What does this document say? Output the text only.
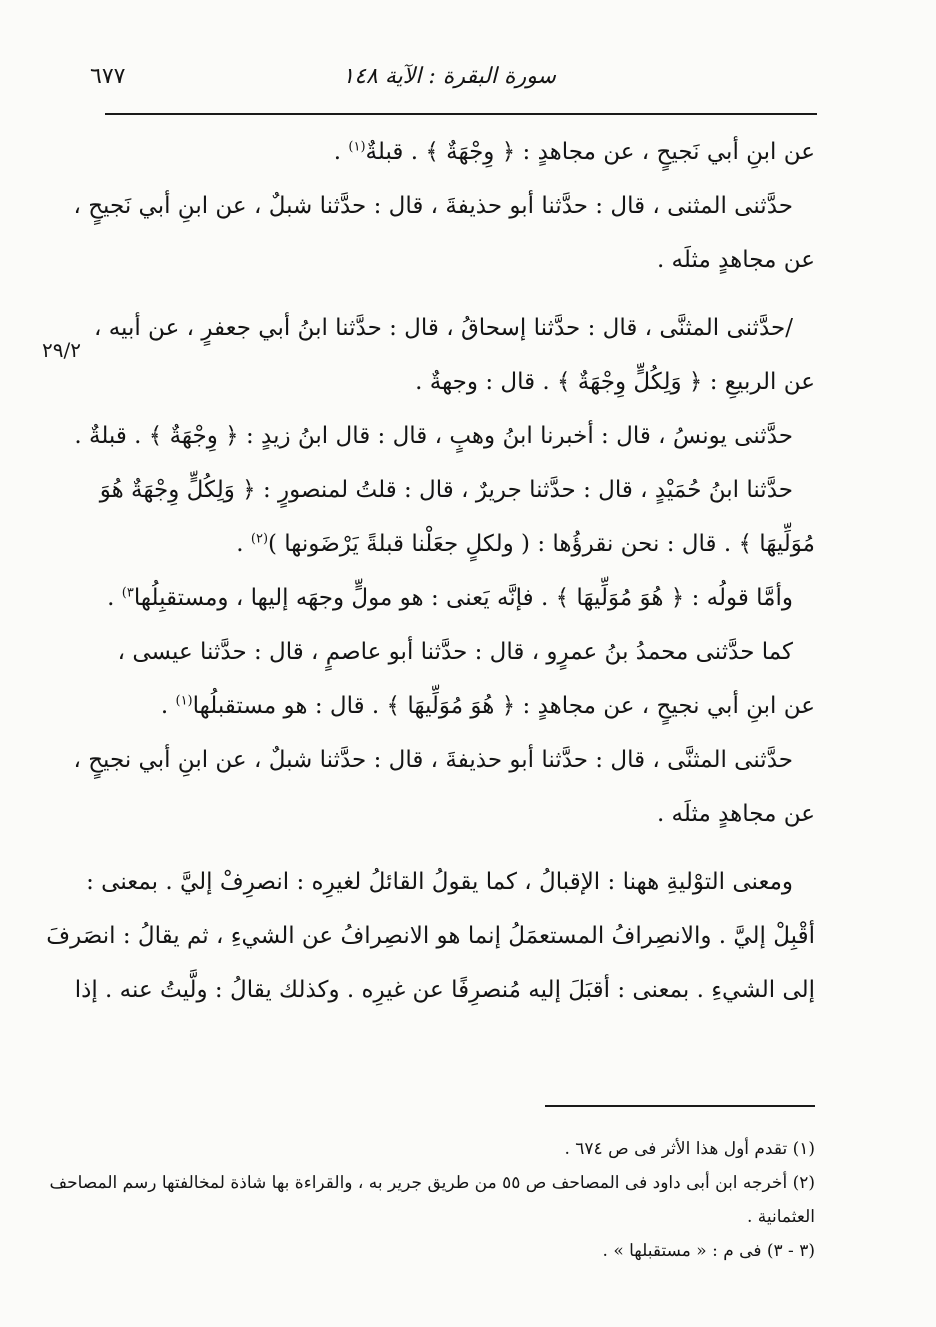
٦٧٧	سورة البقرة : الآية ١٤٨
٢٩/٢
عن ابنِ أبي نَجيحٍ ، عن مجاهدٍ : ﴿ وِجْهَةٌ ﴾ . قبلةٌ$^{(١)}$ .
حدَّثنى المثنى ، قال : حدَّثنا أبو حذيفةَ ، قال : حدَّثنا شبلٌ ، عن ابنِ أبي نَجيحٍ ،
عن مجاهدٍ مثلَه .
/حدَّثنى المثنَّى ، قال : حدَّثنا إسحاقُ ، قال : حدَّثنا ابنُ أبي جعفرٍ ، عن أبيه ،
عن الربيعِ : ﴿ وَلِكُلٍّ وِجْهَةٌ ﴾ . قال : وجهةٌ .
حدَّثنى يونسُ ، قال : أخبرنا ابنُ وهبٍ ، قال : قال ابنُ زيدٍ : ﴿ وِجْهَةٌ ﴾ . قبلةٌ .
حدَّثنا ابنُ حُمَيْدٍ ، قال : حدَّثنا جريرٌ ، قال : قلتُ لمنصورٍ : ﴿ وَلِكُلٍّ وِجْهَةٌ هُوَ
مُوَلِّيهَا ﴾ . قال : نحن نقرؤُها : ( ولكلٍ جعَلْنا قبلةً يَرْضَونها )$^{(٢)}$ .
وأمَّا قولُه : ﴿ هُوَ مُوَلِّيهَا ﴾ . فإنَّه يَعنى : هو مولٍّ وجهَه إليها ، ومستقبِلُها$^{٣)}$ .
كما حدَّثنى محمدُ بنُ عمرٍو ، قال : حدَّثنا أبو عاصمٍ ، قال : حدَّثنا عيسى ،
عن ابنِ أبي نجيحٍ ، عن مجاهدٍ : ﴿ هُوَ مُوَلِّيهَا ﴾ . قال : هو مستقبلُها$^{(١)}$ .
حدَّثنى المثنَّى ، قال : حدَّثنا أبو حذيفةَ ، قال : حدَّثنا شبلٌ ، عن ابنِ أبي نجيحٍ ،
عن مجاهدٍ مثلَه .
ومعنى التوْليةِ ههنا : الإقبالُ ، كما يقولُ القائلُ لغيرِه : انصرِفْ إليَّ . بمعنى :
أقْبِلْ إليَّ . والانصِرافُ المستعمَلُ إنما هو الانصِرافُ عن الشيءِ ، ثم يقالُ : انصَرفَ
إلى الشيءِ . بمعنى : أقبَلَ إليه مُنصرِفًا عن غيرِه . وكذلك يقالُ : ولَّيتُ عنه . إذا
(١) تقدم أول هذا الأثر فى ص ٦٧٤ .
(٢) أخرجه ابن أبى داود فى المصاحف ص ٥٥ من طريق جرير به ، والقراءة بها شاذة لمخالفتها رسم المصاحف
العثمانية .
(٣ - ٣) فى م : « مستقبلها » .
